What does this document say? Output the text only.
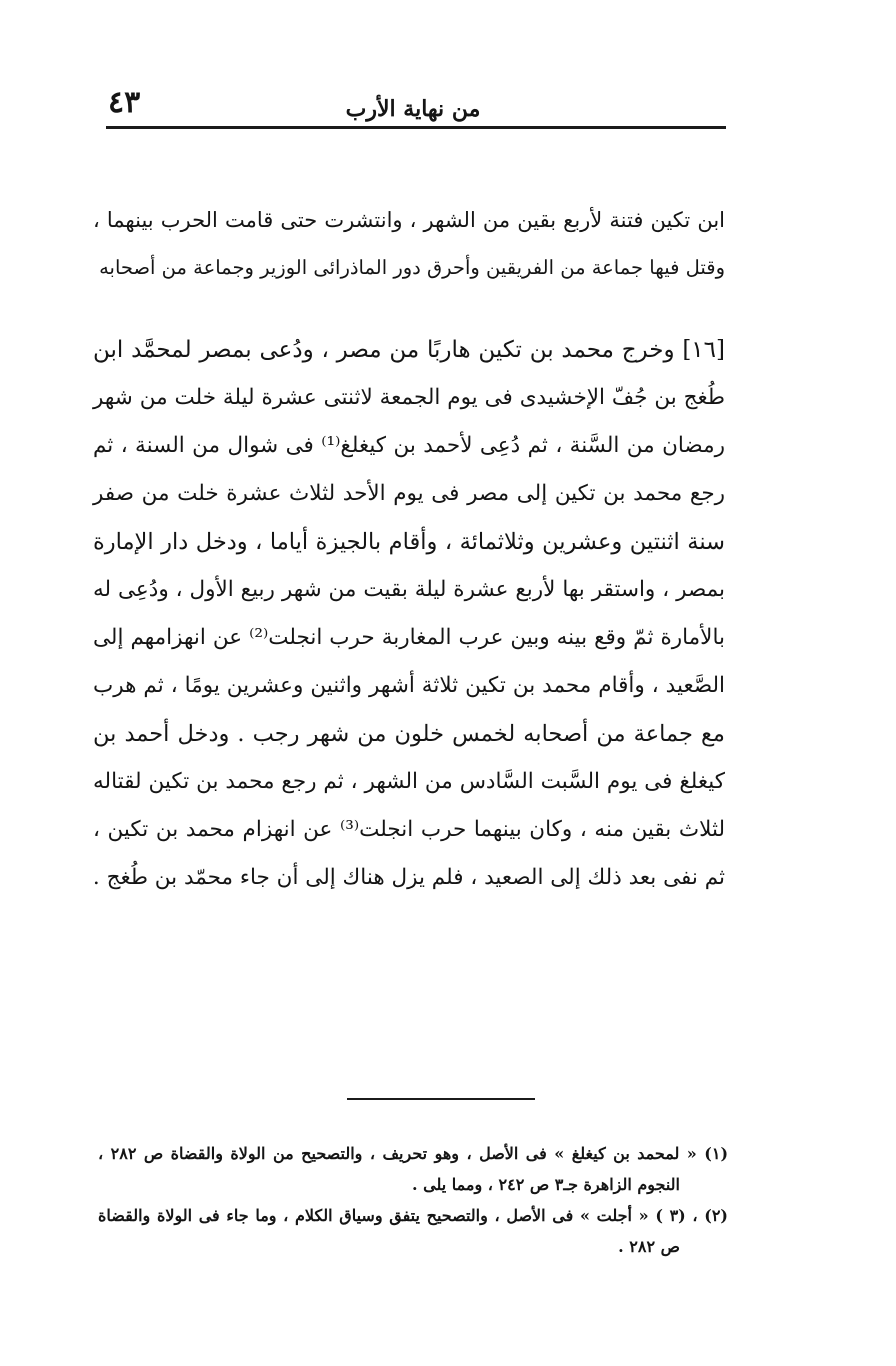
٤٣	من نهاية الأرب
ابن تكين فتنة لأربع بقين من الشهر ، وانتشرت حتى قامت الحرب بينهما ،
وقتل فيها جماعة من الفريقين وأحرق دور الماذرائى الوزير وجماعة من أصحابه
[١٦] وخرج محمد بن تكين هاربًا من مصر ، ودُعى بمصر لمحمَّد ابن
طُغج بن جُفّ الإخشيدى فى يوم الجمعة لاثنتى عشرة ليلة خلت من شهر
رمضان من السَّنة ، ثم دُعِى لأحمد بن كيغلغ⁽¹⁾ فى شوال من السنة ، ثم
رجع محمد بن تكين إلى مصر فى يوم الأحد لثلاث عشرة خلت من صفر
سنة اثنتين وعشرين وثلاثمائة ، وأقام بالجيزة أياما ، ودخل دار الإمارة
بمصر ، واستقر بها لأربع عشرة ليلة بقيت من شهر ربيع الأول ، ودُعِى له
بالأمارة ثمّ وقع بينه وبين عرب المغاربة حرب انجلت⁽²⁾ عن انهزامهم إلى
الصَّعيد ، وأقام محمد بن تكين ثلاثة أشهر واثنين وعشرين يومًا ، ثم هرب
مع جماعة من أصحابه لخمس خلون من شهر رجب . ودخل أحمد بن
كيغلغ فى يوم السَّبت السَّادس من الشهر ، ثم رجع محمد بن تكين لقتاله
لثلاث بقين منه ، وكان بينهما حرب انجلت⁽³⁾ عن انهزام محمد بن تكين ،
ثم نفى بعد ذلك إلى الصعيد ، فلم يزل هناك إلى أن جاء محمّد بن طُغج .
(١) « لمحمد بن كيغلغ » فى الأصل ، وهو تحريف ، والتصحيح من الولاة والقضاة ص ٢٨٢ ،
النجوم الزاهرة جـ٣ ص ٢٤٢ ، ومما يلى .
(٢) ، (٣ ) « أجلت » فى الأصل ، والتصحيح يتفق وسياق الكلام ، وما جاء فى الولاة والقضاة
ص ٢٨٢ .
